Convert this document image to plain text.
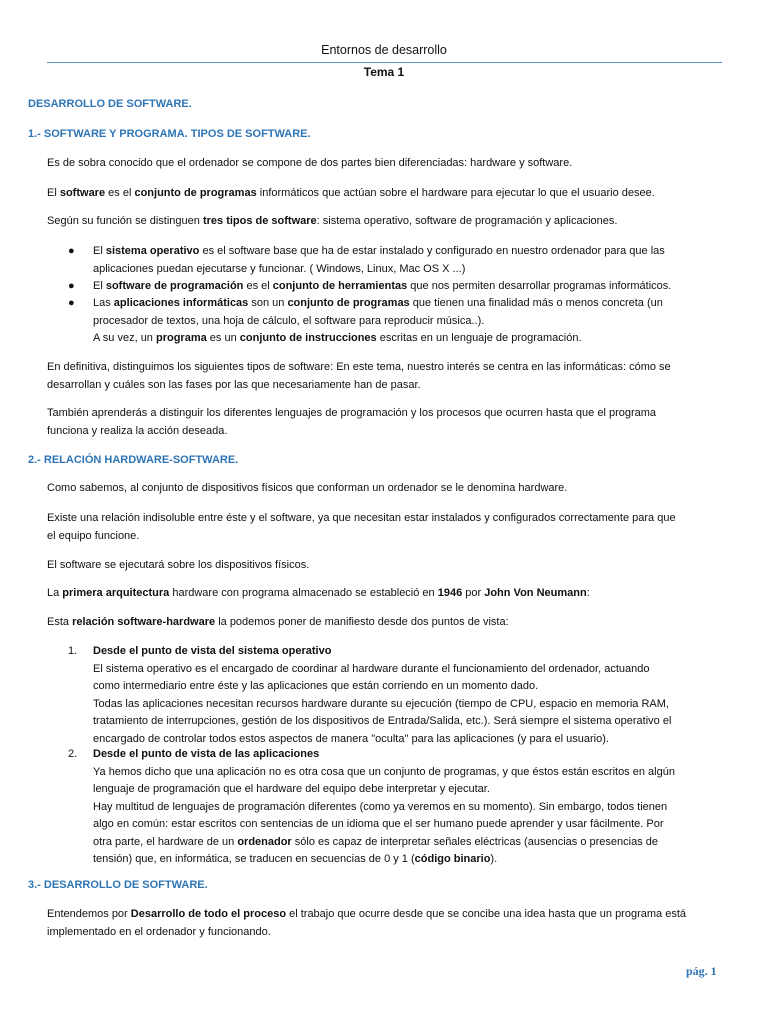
Entornos de desarrollo
Tema 1
DESARROLLO DE SOFTWARE.
1.- SOFTWARE Y PROGRAMA. TIPOS DE SOFTWARE.
Es de sobra conocido que el ordenador se compone de dos partes bien diferenciadas: hardware y software.
El software es el conjunto de programas informáticos que actúan sobre el hardware para ejecutar lo que el usuario desee.
Según su función se distinguen tres tipos de software: sistema operativo, software de programación y aplicaciones.
● El sistema operativo es el software base que ha de estar instalado y configurado en nuestro ordenador para que las
aplicaciones puedan ejecutarse y funcionar. ( Windows, Linux, Mac OS X ...)
● El software de programación es el conjunto de herramientas que nos permiten desarrollar programas informáticos.
● Las aplicaciones informáticas son un conjunto de programas que tienen una finalidad más o menos concreta (un
procesador de textos, una hoja de cálculo, el software para reproducir música..).
A su vez, un programa es un conjunto de instrucciones escritas en un lenguaje de programación.
En definitiva, distinguimos los siguientes tipos de software: En este tema, nuestro interés se centra en las informáticas: cómo se
desarrollan y cuáles son las fases por las que necesariamente han de pasar.
También aprenderás a distinguir los diferentes lenguajes de programación y los procesos que ocurren hasta que el programa
funciona y realiza la acción deseada.
2.- RELACIÓN HARDWARE-SOFTWARE.
Como sabemos, al conjunto de dispositivos físicos que conforman un ordenador se le denomina hardware.
Existe una relación indisoluble entre éste y el software, ya que necesitan estar instalados y configurados correctamente para que
el equipo funcione.
El software se ejecutará sobre los dispositivos físicos.
La primera arquitectura hardware con programa almacenado se estableció en 1946 por John Von Neumann:
Esta relación software-hardware la podemos poner de manifiesto desde dos puntos de vista:
1. Desde el punto de vista del sistema operativo
El sistema operativo es el encargado de coordinar al hardware durante el funcionamiento del ordenador, actuando
como intermediario entre éste y las aplicaciones que están corriendo en un momento dado.
Todas las aplicaciones necesitan recursos hardware durante su ejecución (tiempo de CPU, espacio en memoria RAM,
tratamiento de interrupciones, gestión de los dispositivos de Entrada/Salida, etc.). Será siempre el sistema operativo el
encargado de controlar todos estos aspectos de manera "oculta" para las aplicaciones (y para el usuario).
2. Desde el punto de vista de las aplicaciones
Ya hemos dicho que una aplicación no es otra cosa que un conjunto de programas, y que éstos están escritos en algún
lenguaje de programación que el hardware del equipo debe interpretar y ejecutar.
Hay multitud de lenguajes de programación diferentes (como ya veremos en su momento). Sin embargo, todos tienen
algo en común: estar escritos con sentencias de un idioma que el ser humano puede aprender y usar fácilmente. Por
otra parte, el hardware de un ordenador sólo es capaz de interpretar señales eléctricas (ausencias o presencias de
tensión) que, en informática, se traducen en secuencias de 0 y 1 (código binario).
3.- DESARROLLO DE SOFTWARE.
Entendemos por Desarrollo de todo el proceso el trabajo que ocurre desde que se concibe una idea hasta que un programa está
implementado en el ordenador y funcionando.
pág. 1
